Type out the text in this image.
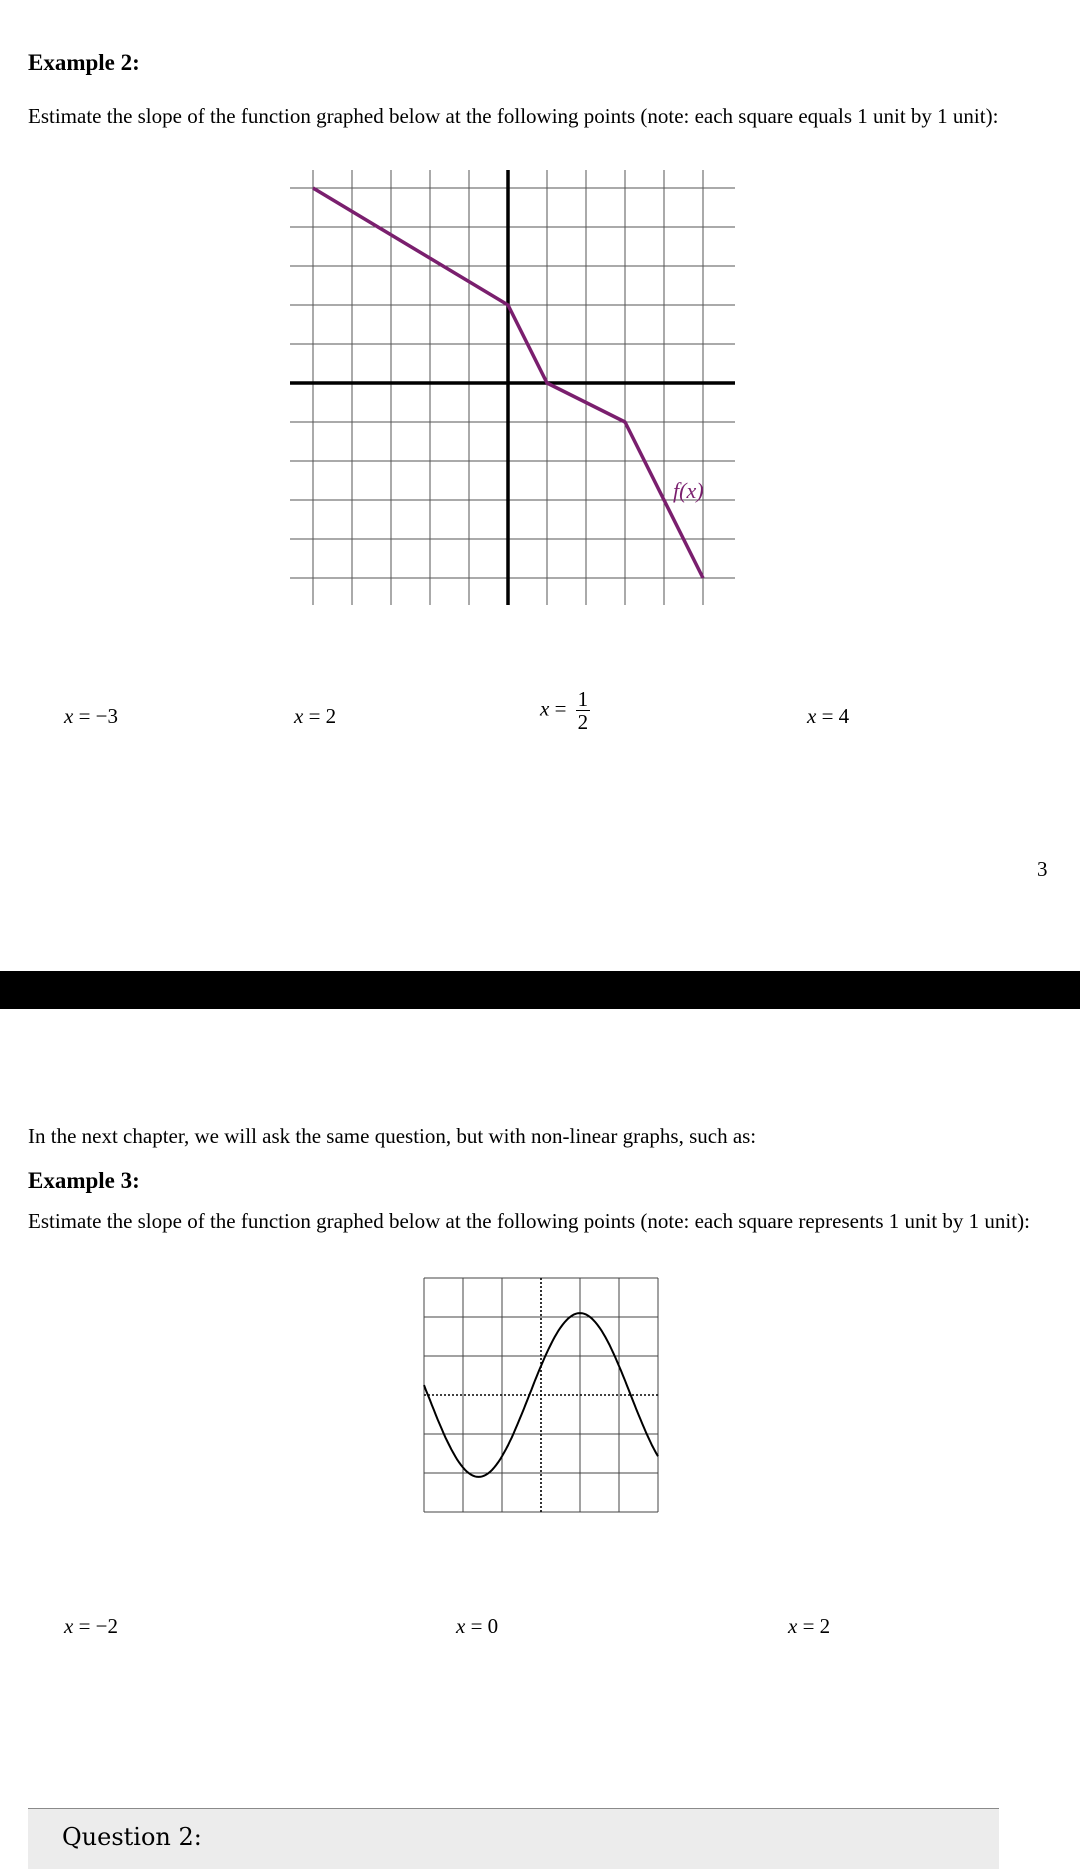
Example 2:
Estimate the slope of the function graphed below at the following points (note: each square equals 1 unit by 1 unit):
f(x)
x = −3	x = 2	$x = \frac{1}{2}$	x = 4
3
In the next chapter, we will ask the same question, but with non-linear graphs, such as:
Example 3:
Estimate the slope of the function graphed below at the following points (note: each square represents 1 unit by 1 unit):
x = −2	x = 0	x = 2
Question 2:
